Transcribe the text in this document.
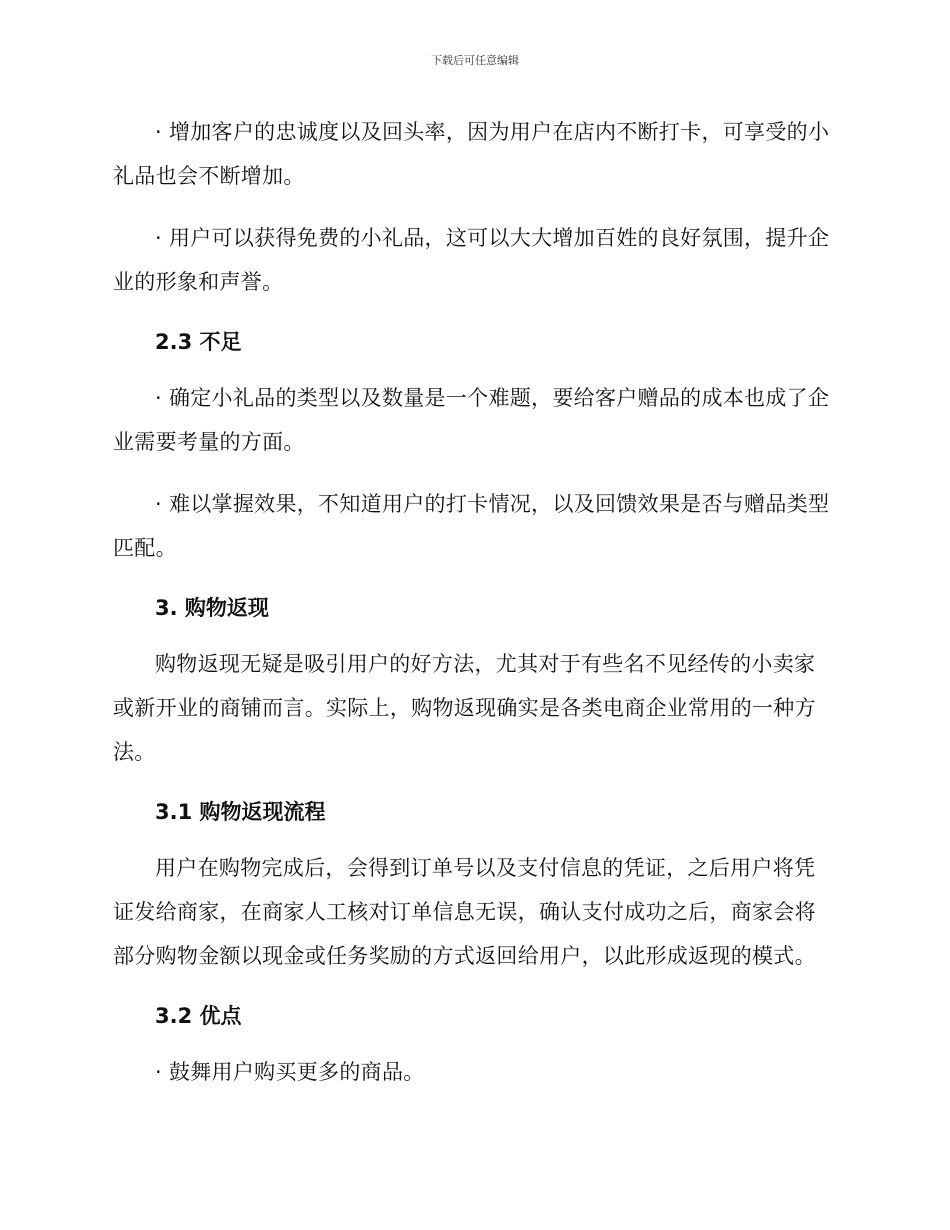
下载后可任意编辑

· 增加客户的忠诚度以及回头率，因为用户在店内不断打卡，可享受的小礼品也会不断增加。

· 用户可以获得免费的小礼品，这可以大大增加百姓的良好氛围，提升企业的形象和声誉。

2.3 不足

· 确定小礼品的类型以及数量是一个难题，要给客户赠品的成本也成了企业需要考量的方面。

· 难以掌握效果，不知道用户的打卡情况，以及回馈效果是否与赠品类型匹配。

3. 购物返现

购物返现无疑是吸引用户的好方法，尤其对于有些名不见经传的小卖家或新开业的商铺而言。实际上，购物返现确实是各类电商企业常用的一种方法。

3.1 购物返现流程

用户在购物完成后，会得到订单号以及支付信息的凭证，之后用户将凭证发给商家，在商家人工核对订单信息无误，确认支付成功之后，商家会将部分购物金额以现金或任务奖励的方式返回给用户，以此形成返现的模式。

3.2 优点

· 鼓舞用户购买更多的商品。
